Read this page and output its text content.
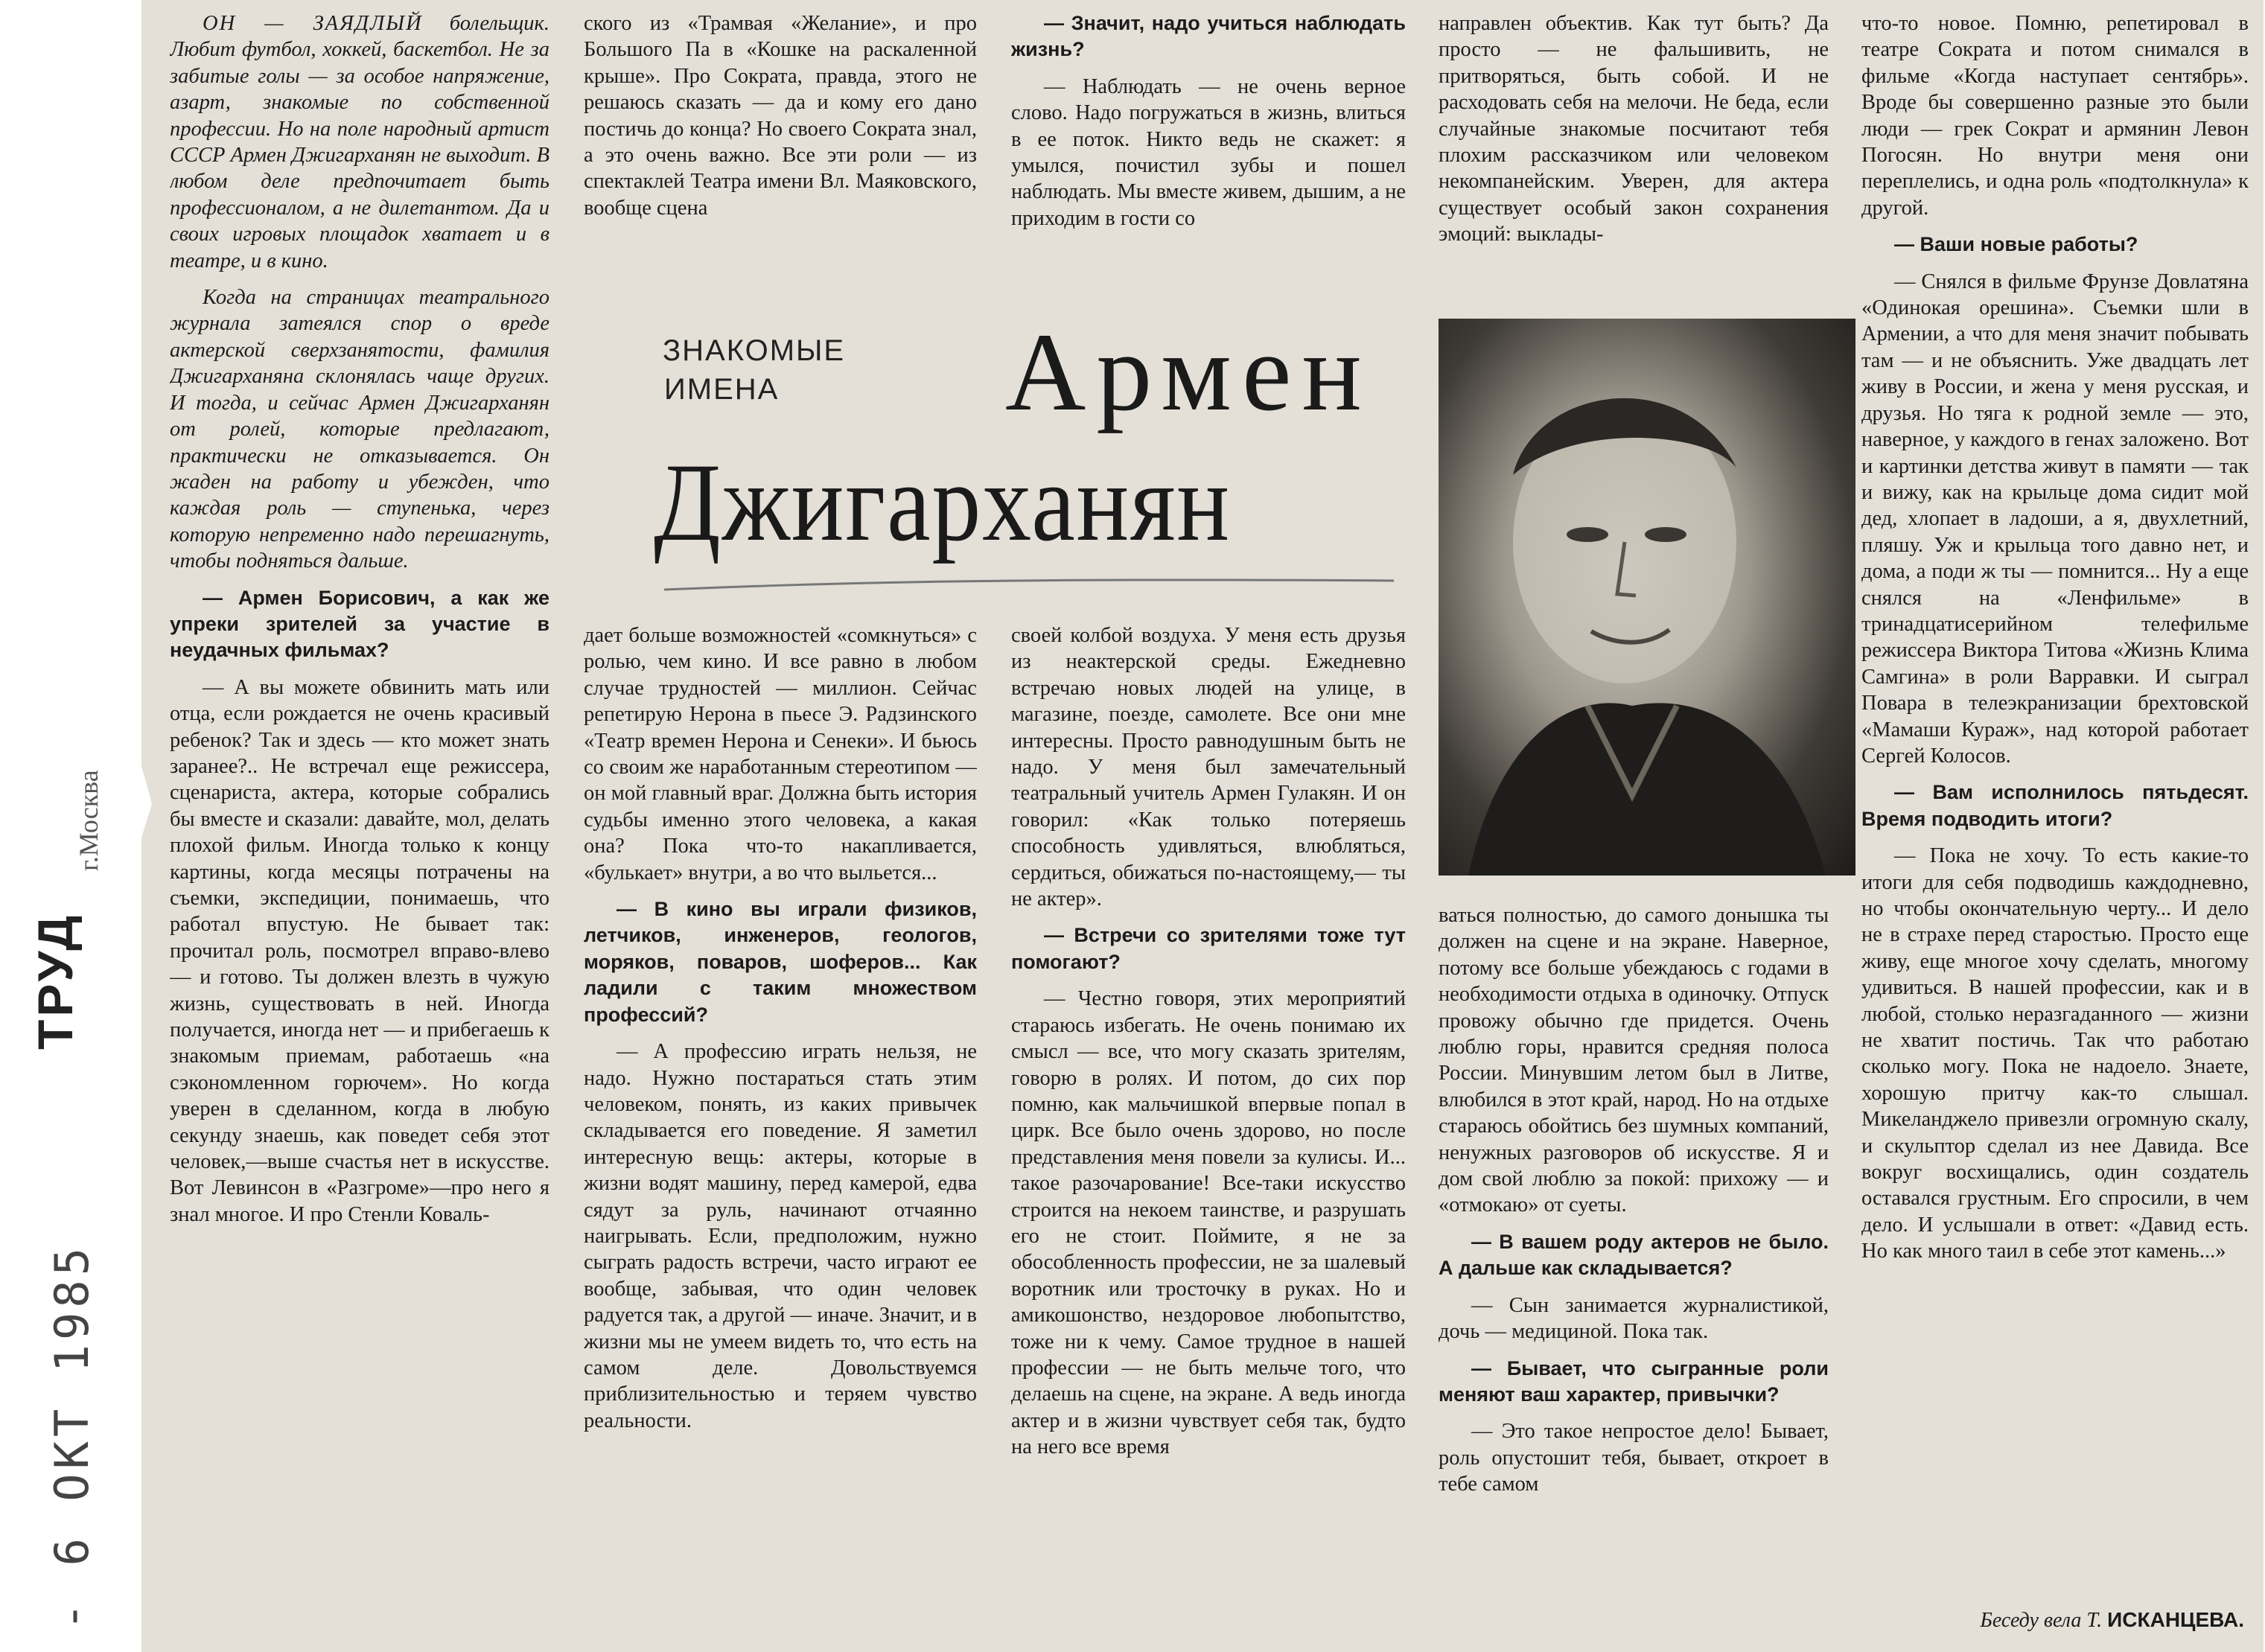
ТРУД
г.Москва
- 6 ОКТ 1985
ЗНАКОМЫЕ
ИМЕНА	Армен
Джигарханян

ОН — ЗАЯДЛЫЙ болельщик. Любит футбол, хоккей, баскетбол. Не за забитые голы — за особое напряжение, азарт, знакомые по собственной профессии. Но на поле народный артист СССР Армен Джигарханян не выходит. В любом деле предпочитает быть профессионалом, а не дилетантом. Да и своих игровых площадок хватает и в театре, и в кино.

Когда на страницах театрального журнала затеялся спор о вреде актерской сверхзанятости, фамилия Джигарханяна склонялась чаще других. И тогда, и сейчас Армен Джигарханян от ролей, которые предлагают, практически не отказывается. Он жаден на работу и убежден, что каждая роль — ступенька, через которую непременно надо перешагнуть, чтобы подняться дальше.

— Армен Борисович, а как же упреки зрителей за участие в неудачных фильмах?

— А вы можете обвинить мать или отца, если рождается не очень красивый ребенок? Так и здесь — кто может знать заранее?.. Не встречал еще режиссера, сценариста, актера, которые собрались бы вместе и сказали: давайте, мол, делать плохой фильм. Иногда только к концу картины, когда месяцы потрачены на съемки, экспедиции, понимаешь, что работал впустую. Не бывает так: прочитал роль, посмотрел вправо-влево — и готово. Ты должен влезть в чужую жизнь, существовать в ней. Иногда получается, иногда нет — и прибегаешь к знакомым приемам, работаешь «на сэкономленном горючем». Но когда уверен в сделанном, когда в любую секунду знаешь, как поведет себя этот человек,—выше счастья нет в искусстве. Вот Левинсон в «Разгроме»—про него я знал многое. И про Стенли Коваль-

ского из «Трамвая «Желание», и про Большого Па в «Кошке на раскаленной крыше». Про Сократа, правда, этого не решаюсь сказать — да и кому его дано постичь до конца? Но своего Сократа знал, а это очень важно. Все эти роли — из спектаклей Театра имени Вл. Маяковского, вообще сцена

дает больше возможностей «сомкнуться» с ролью, чем кино. И все равно в любом случае трудностей — миллион. Сейчас репетирую Нерона в пьесе Э. Радзинского «Театр времен Нерона и Сенеки». И бьюсь со своим же наработанным стереотипом — он мой главный враг. Должна быть история судьбы именно этого человека, а какая она? Пока что-то накапливается, «булькает» внутри, а во что выльется...

— В кино вы играли физиков, летчиков, инженеров, геологов, моряков, поваров, шоферов... Как ладили с таким множеством профессий?

— А профессию играть нельзя, не надо. Нужно постараться стать этим человеком, понять, из каких привычек складывается его поведение. Я заметил интересную вещь: актеры, которые в жизни водят машину, перед камерой, едва сядут за руль, начинают отчаянно наигрывать. Если, предположим, нужно сыграть радость встречи, часто играют ее вообще, забывая, что один человек радуется так, а другой — иначе. Значит, и в жизни мы не умеем видеть то, что есть на самом деле. Довольствуемся приблизительностью и теряем чувство реальности.

— Значит, надо учиться наблюдать жизнь?

— Наблюдать — не очень верное слово. Надо погружаться в жизнь, влиться в ее поток. Никто ведь не скажет: я умылся, почистил зубы и пошел наблюдать. Мы вместе живем, дышим, а не приходим в гости со

своей колбой воздуха. У меня есть друзья из неактерской среды. Ежедневно встречаю новых людей на улице, в магазине, поезде, самолете. Все они мне интересны. Просто равнодушным быть не надо. У меня был замечательный театральный учитель Армен Гулакян. И он говорил: «Как только потеряешь способность удивляться, влюбляться, сердиться, обижаться по-настоящему,— ты не актер».

— Встречи со зрителями тоже тут помогают?

— Честно говоря, этих мероприятий стараюсь избегать. Не очень понимаю их смысл — все, что могу сказать зрителям, говорю в ролях. И потом, до сих пор помню, как мальчишкой впервые попал в цирк. Все было очень здорово, но после представления меня повели за кулисы. И... такое разочарование! Все-таки искусство строится на некоем таинстве, и разрушать его не стоит. Поймите, я не за обособленность профессии, не за шалевый воротник или тросточку в руках. Но и амикошонство, нездоровое любопытство, тоже ни к чему. Самое трудное в нашей профессии — не быть мельче того, что делаешь на сцене, на экране. А ведь иногда актер и в жизни чувствует себя так, будто на него все время

направлен объектив. Как тут быть? Да просто — не фальшивить, не притворяться, быть собой. И не расходовать себя на мелочи. Не беда, если случайные знакомые посчитают тебя плохим рассказчиком или человеком некомпанейским. Уверен, для актера существует особый закон сохранения эмоций: выклады-

ваться полностью, до самого донышка ты должен на сцене и на экране. Наверное, потому все больше убеждаюсь с годами в необходимости отдыха в одиночку. Отпуск провожу обычно где придется. Очень люблю горы, нравится средняя полоса России. Минувшим летом был в Литве, влюбился в этот край, народ. Но на отдыхе стараюсь обойтись без шумных компаний, ненужных разговоров об искусстве. Я и дом свой люблю за покой: прихожу — и «отмокаю» от суеты.

— В вашем роду актеров не было. А дальше как складывается?

— Сын занимается журналистикой, дочь — медициной. Пока так.

— Бывает, что сыгранные роли меняют ваш характер, привычки?

— Это такое непростое дело! Бывает, роль опустошит тебя, бывает, откроет в тебе самом

что-то новое. Помню, репетировал в театре Сократа и потом снимался в фильме «Когда наступает сентябрь». Вроде бы совершенно разные это были люди — грек Сократ и армянин Левон Погосян. Но внутри меня они переплелись, и одна роль «подтолкнула» к другой.

— Ваши новые работы?

— Снялся в фильме Фрунзе Довлатяна «Одинокая орешина». Съемки шли в Армении, а что для меня значит побывать там — и не объяснить. Уже двадцать лет живу в России, и жена у меня русская, и друзья. Но тяга к родной земле — это, наверное, у каждого в генах заложено. Вот и картинки детства живут в памяти — так и вижу, как на крыльце дома сидит мой дед, хлопает в ладоши, а я, двухлетний, пляшу. Уж и крыльца того давно нет, и дома, а поди ж ты — помнится... Ну а еще снялся на «Ленфильме» в тринадцатисерийном телефильме режиссера Виктора Титова «Жизнь Клима Самгина» в роли Варравки. И сыграл Повара в телеэкранизации брехтовской «Мамаши Кураж», над которой работает Сергей Колосов.

— Вам исполнилось пятьдесят. Время подводить итоги?

— Пока не хочу. То есть какие-то итоги для себя подводишь каждодневно, но чтобы окончательную черту... И дело не в страхе перед старостью. Просто еще живу, еще многое хочу сделать, многому удивиться. В нашей профессии, как и в любой, столько неразгаданного — жизни не хватит постичь. Так что работаю сколько могу. Пока не надоело. Знаете, хорошую притчу как-то слышал. Микеланджело привезли огромную скалу, и скульптор сделал из нее Давида. Все вокруг восхищались, один создатель оставался грустным. Его спросили, в чем дело. И услышали в ответ: «Давид есть. Но как много таил в себе этот камень...»

Беседу вела Т. ИСКАНЦЕВА.
